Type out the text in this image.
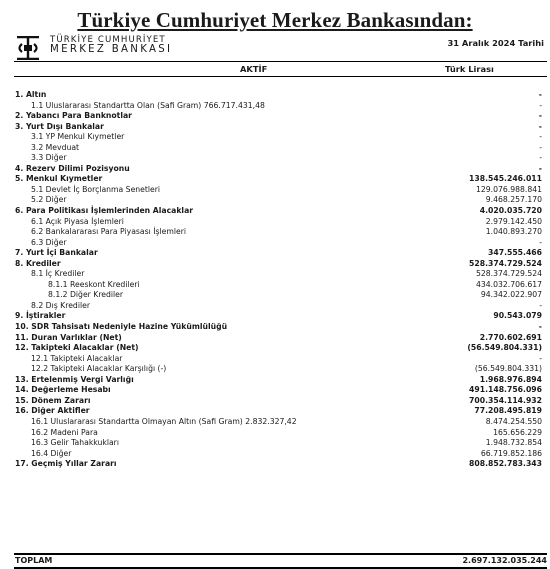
Türkiye Cumhuriyet Merkez Bankasından:
TÜRKİYE CUMHURİYET
MERKEZ BANKASI
31 Aralık 2024 Tarihi
AKTİF	Türk Lirası
1. Altın	-
1.1 Uluslararası Standartta Olan (Safi Gram) 766.717.431,48	-
2. Yabancı Para Banknotlar	-
3. Yurt Dışı Bankalar	-
3.1 YP Menkul Kıymetler	-
3.2 Mevduat	-
3.3 Diğer	-
4. Rezerv Dilimi Pozisyonu	-
5. Menkul Kıymetler	138.545.246.011
5.1 Devlet İç Borçlanma Senetleri	129.076.988.841
5.2 Diğer	9.468.257.170
6. Para Politikası İşlemlerinden Alacaklar	4.020.035.720
6.1 Açık Piyasa İşlemleri	2.979.142.450
6.2 Bankalararası Para Piyasası İşlemleri	1.040.893.270
6.3 Diğer	-
7. Yurt İçi Bankalar	347.555.466
8. Krediler	528.374.729.524
8.1 İç Krediler	528.374.729.524
8.1.1 Reeskont Kredileri	434.032.706.617
8.1.2 Diğer Krediler	94.342.022.907
8.2 Dış Krediler	-
9. İştirakler	90.543.079
10. SDR Tahsisatı Nedeniyle Hazine Yükümlülüğü	-
11. Duran Varlıklar (Net)	2.770.602.691
12. Takipteki Alacaklar (Net)	(56.549.804.331)
12.1 Takipteki Alacaklar	-
12.2 Takipteki Alacaklar Karşılığı (-)	(56.549.804.331)
13. Ertelenmiş Vergi Varlığı	1.968.976.894
14. Değerleme Hesabı	491.148.756.096
15. Dönem Zararı	700.354.114.932
16. Diğer Aktifler	77.208.495.819
16.1 Uluslararası Standartta Olmayan Altın (Safi Gram) 2.832.327,42	8.474.254.550
16.2 Madeni Para	165.656.229
16.3 Gelir Tahakkukları	1.948.732.854
16.4 Diğer	66.719.852.186
17. Geçmiş Yıllar Zararı	808.852.783.343
TOPLAM	2.697.132.035.244
